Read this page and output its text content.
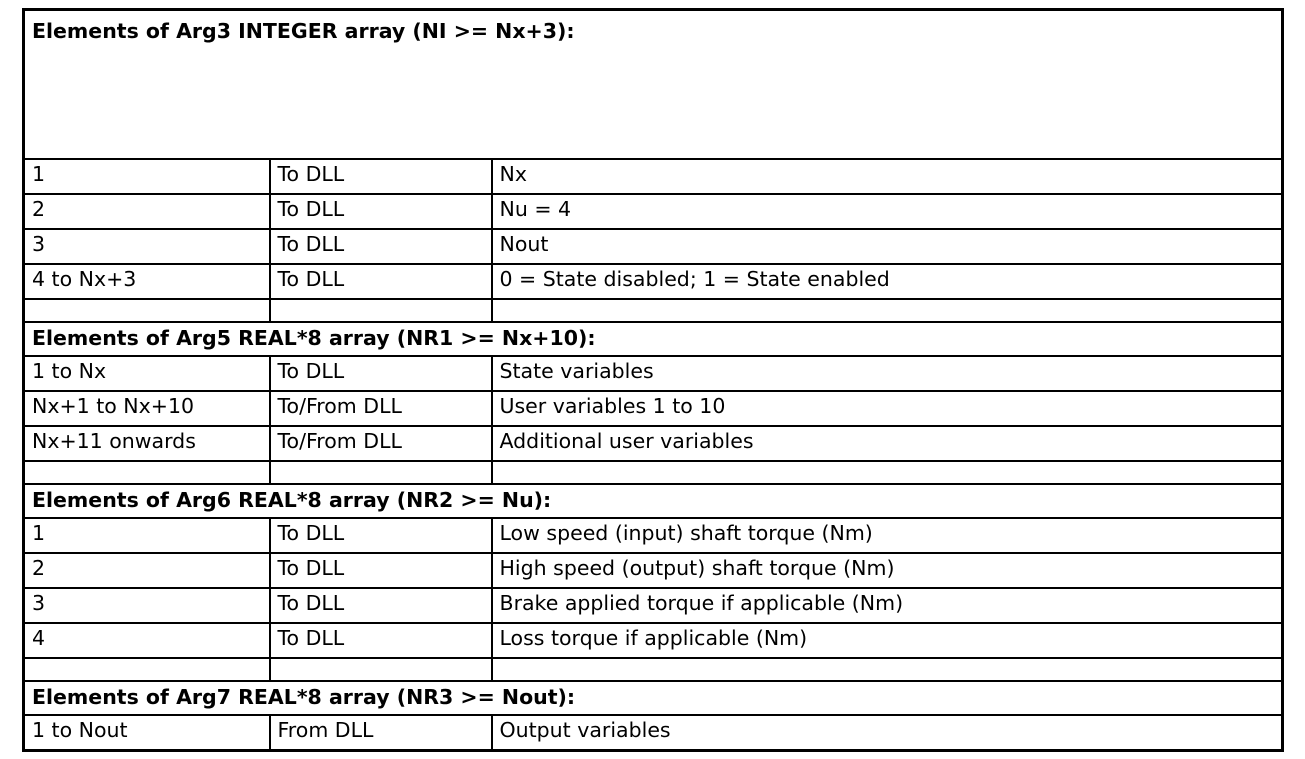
Elements of Arg3 INTEGER array (NI >= Nx+3):		
1	To DLL	Nx
2	To DLL	Nu = 4
3	To DLL	Nout
4 to Nx+3	To DLL	0 = State disabled; 1 = State enabled

Elements of Arg5 REAL*8 array (NR1 >= Nx+10):		
1 to Nx	To DLL	State variables
Nx+1 to Nx+10	To/From DLL	User variables 1 to 10
Nx+11 onwards	To/From DLL	Additional user variables

Elements of Arg6 REAL*8 array (NR2 >= Nu):		
1	To DLL	Low speed (input) shaft torque (Nm)
2	To DLL	High speed (output) shaft torque (Nm)
3	To DLL	Brake applied torque if applicable (Nm)
4	To DLL	Loss torque if applicable (Nm)

Elements of Arg7 REAL*8 array (NR3 >= Nout):		
1 to Nout	From DLL	Output variables
